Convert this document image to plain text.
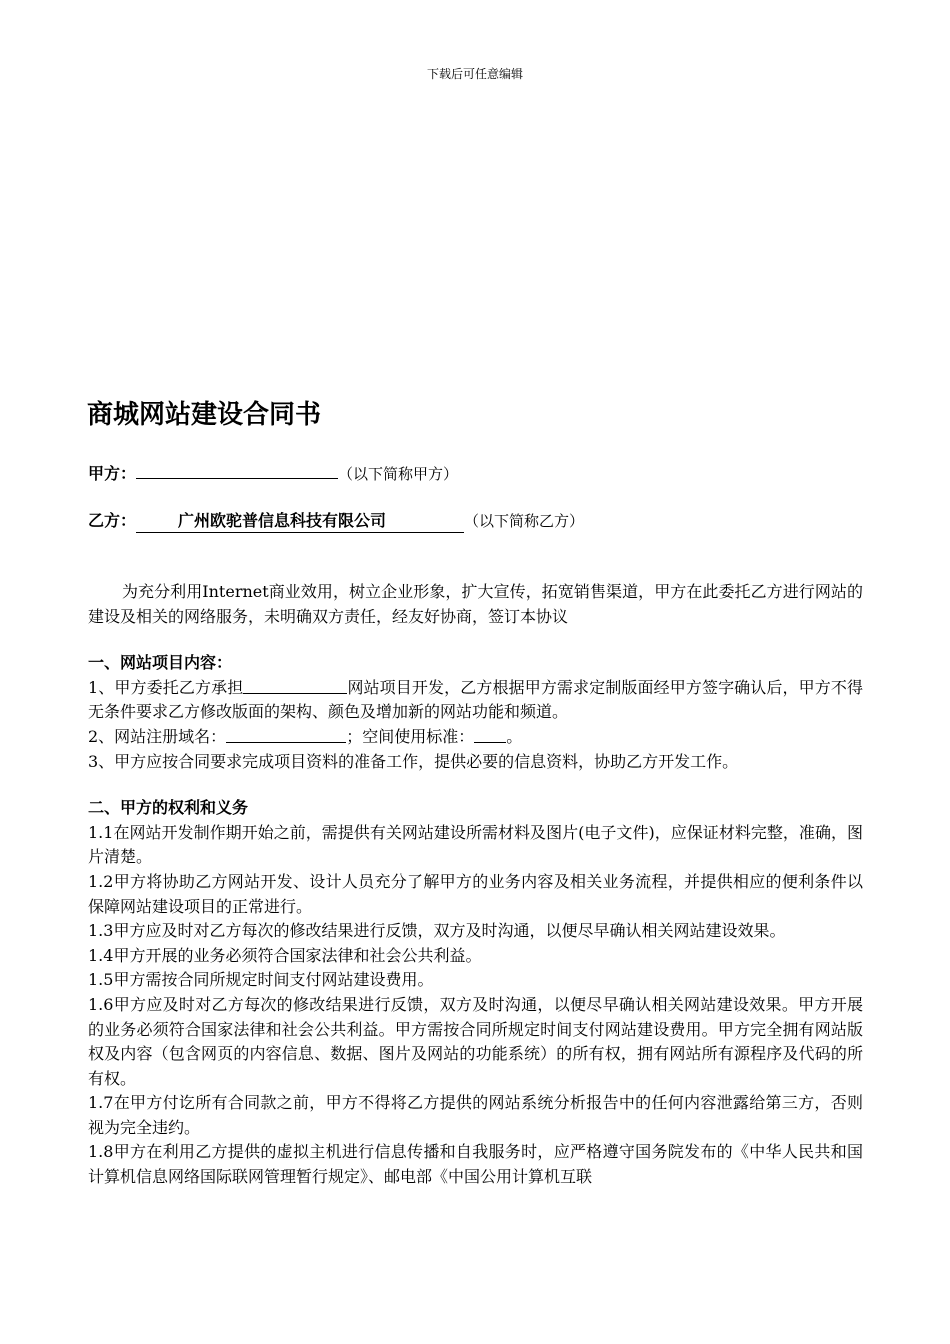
下载后可任意编辑
商城网站建设合同书
甲方：	（以下简称甲方）
乙方：	广州欧驼普信息科技有限公司	（以下简称乙方）

为充分利用Internet商业效用，树立企业形象，扩大宣传，拓宽销售渠道，甲方在此委托乙方进行网站的建设及相关的网络服务，未明确双方责任，经友好协商，签订本协议

一、网站项目内容：

1、甲方委托乙方承担	网站项目开发，乙方根据甲方需求定制版面经甲方签字确认后，甲方不得无条件要求乙方修改版面的架构、颜色及增加新的网站功能和频道。

2、网站注册域名：	；空间使用标准： 。

3、甲方应按合同要求完成项目资料的准备工作，提供必要的信息资料，协助乙方开发工作。

二、甲方的权利和义务

1.1在网站开发制作期开始之前，需提供有关网站建设所需材料及图片(电子文件)，应保证材料完整，准确，图片清楚。

1.2甲方将协助乙方网站开发、设计人员充分了解甲方的业务内容及相关业务流程，并提供相应的便利条件以保障网站建设项目的正常进行。

1.3甲方应及时对乙方每次的修改结果进行反馈，双方及时沟通，以便尽早确认相关网站建设效果。

1.4甲方开展的业务必须符合国家法律和社会公共利益。

1.5甲方需按合同所规定时间支付网站建设费用。

1.6甲方应及时对乙方每次的修改结果进行反馈，双方及时沟通，以便尽早确认相关网站建设效果。甲方开展的业务必须符合国家法律和社会公共利益。甲方需按合同所规定时间支付网站建设费用。甲方完全拥有网站版权及内容（包含网页的内容信息、数据、图片及网站的功能系统）的所有权，拥有网站所有源程序及代码的所有权。

1.7在甲方付讫所有合同款之前，甲方不得将乙方提供的网站系统分析报告中的任何内容泄露给第三方，否则视为完全违约。

1.8甲方在利用乙方提供的虚拟主机进行信息传播和自我服务时，应严格遵守国务院发布的《中华人民共和国计算机信息网络国际联网管理暂行规定》、邮电部《中国公用计算机互联
